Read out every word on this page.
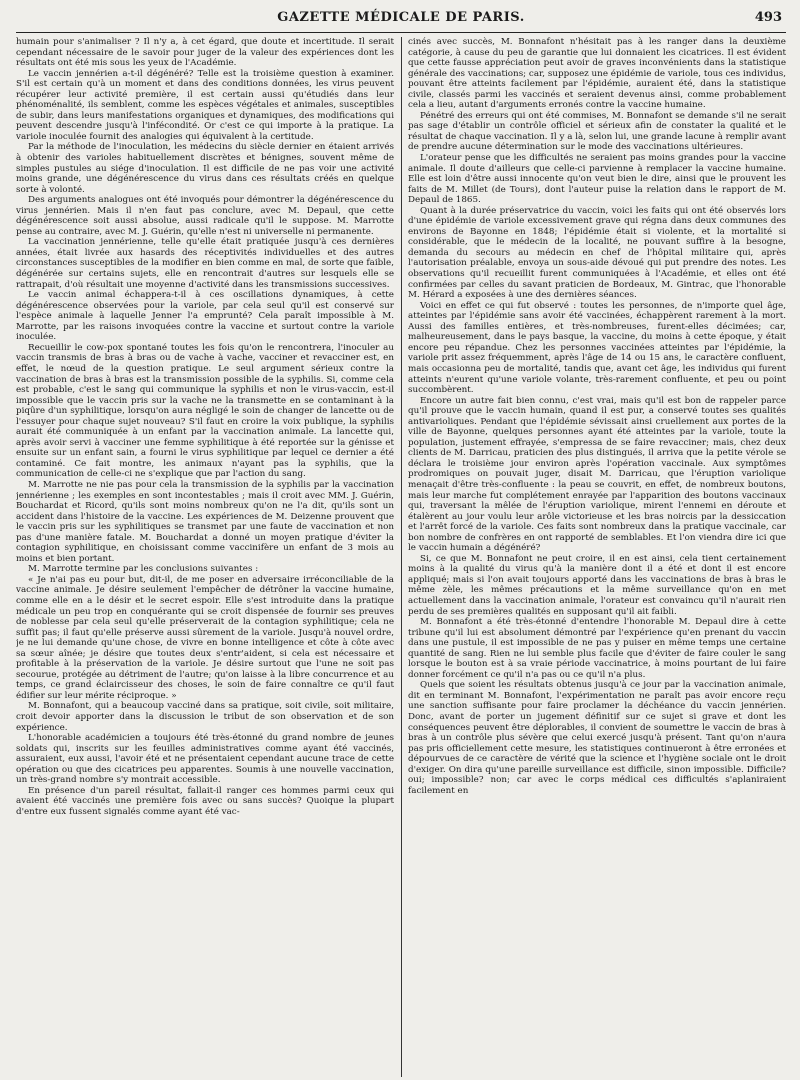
GAZETTE MÉDICALE DE PARIS.	493

humain pour s'animaliser ? Il n'y a, à cet égard, que doute et incertitude. Il serait cependant nécessaire de le savoir pour juger de la valeur des expériences dont les résultats ont été mis sous les yeux de l'Académie.

Le vaccin jennérien a-t-il dégénéré? Telle est la troisième question à examiner. S'il est certain qu'à un moment et dans des conditions données, les virus peuvent récupérer leur activité première, il est certain aussi qu'étudiés dans leur phénoménalité, ils semblent, comme les espèces végétales et animales, susceptibles de subir, dans leurs manifestations organiques et dynamiques, des modifications qui peuvent descendre jusqu'à l'infécondité. Or c'est ce qui importe à la pratique. La variole inoculée fournit des analogies qui équivalent à la certitude.

Par la méthode de l'inoculation, les médecins du siècle dernier en étaient arrivés à obtenir des varioles habituellement discrètes et bénignes, souvent même de simples pustules au siége d'inoculation. Il est difficile de ne pas voir une activité moins grande, une dégénérescence du virus dans ces résultats créés en quelque sorte à volonté.

Des arguments analogues ont été invoqués pour démontrer la dégénérescence du virus jennérien. Mais il n'en faut pas conclure, avec M. Depaul, que cette dégénérescence soit aussi absolue, aussi radicale qu'il le suppose. M. Marrotte pense au contraire, avec M. J. Guérin, qu'elle n'est ni universelle ni permanente.

La vaccination jennérienne, telle qu'elle était pratiquée jusqu'à ces dernières années, était livrée aux hasards des réceptivités individuelles et des autres circonstances susceptibles de la modifier en bien comme en mal, de sorte que faible, dégénérée sur certains sujets, elle en rencontrait d'autres sur lesquels elle se rattrapait, d'où résultait une moyenne d'activité dans les transmissions successives.

Le vaccin animal échappera-t-il à ces oscillations dynamiques, à cette dégénérescence observées pour la variole, par cela seul qu'il est conservé sur l'espèce animale à laquelle Jenner l'a emprunté? Cela paraît impossible à M. Marrotte, par les raisons invoquées contre la vaccine et surtout contre la variole inoculée.

Recueillir le cow-pox spontané toutes les fois qu'on le rencontrera, l'inoculer au vaccin transmis de bras à bras ou de vache à vache, vacciner et revacciner est, en effet, le nœud de la question pratique. Le seul argument sérieux contre la vaccination de bras à bras est la transmission possible de la syphilis. Si, comme cela est probable, c'est le sang qui communique la syphilis et non le virus-vaccin, est-il impossible que le vaccin pris sur la vache ne la transmette en se contaminant à la piqûre d'un syphilitique, lorsqu'on aura négligé le soin de changer de lancette ou de l'essuyer pour chaque sujet nouveau? S'il faut en croire la voix publique, la syphilis aurait été communiquée à un enfant par la vaccination animale. La lancette qui, après avoir servi à vacciner une femme syphilitique à été reportée sur la génisse et ensuite sur un enfant sain, a fourni le virus syphilitique par lequel ce dernier a été contaminé. Ce fait montre, les animaux n'ayant pas la syphilis, que la communication de celle-ci ne s'explique que par l'action du sang.

M. Marrotte ne nie pas pour cela la transmission de la syphilis par la vaccination jennérienne ; les exemples en sont incontestables ; mais il croit avec MM. J. Guérin, Bouchardat et Ricord, qu'ils sont moins nombreux qu'on ne l'a dit, qu'ils sont un accident dans l'histoire de la vaccine. Les expériences de M. Deizenne prouvent que le vaccin pris sur les syphilitiques se transmet par une faute de vaccination et non pas d'une manière fatale. M. Bouchardat a donné un moyen pratique d'éviter la contagion syphilitique, en choisissant comme vaccinifère un enfant de 3 mois au moins et bien portant.

M. Marrotte termine par les conclusions suivantes :

« Je n'ai pas eu pour but, dit-il, de me poser en adversaire irréconciliable de la vaccine animale. Je désire seulement l'empêcher de détrôner la vaccine humaine, comme elle en a le désir et le secret espoir. Elle s'est introduite dans la pratique médicale un peu trop en conquérante qui se croit dispensée de fournir ses preuves de noblesse par cela seul qu'elle préserverait de la contagion syphilitique; cela ne suffit pas; il faut qu'elle préserve aussi sûrement de la variole. Jusqu'à nouvel ordre, je ne lui demande qu'une chose, de vivre en bonne intelligence et côte à côte avec sa sœur aînée; je désire que toutes deux s'entr'aident, si cela est nécessaire et profitable à la préservation de la variole. Je désire surtout que l'une ne soit pas secourue, protégée au détriment de l'autre; qu'on laisse à la libre concurrence et au temps, ce grand éclaircisseur des choses, le soin de faire connaître ce qu'il faut édifier sur leur mérite réciproque. »

M. Bonnafont, qui a beaucoup vacciné dans sa pratique, soit civile, soit militaire, croit devoir apporter dans la discussion le tribut de son observation et de son expérience.

L'honorable académicien a toujours été très-étonné du grand nombre de jeunes soldats qui, inscrits sur les feuilles administratives comme ayant été vaccinés, assuraient, eux aussi, l'avoir été et ne présentaient cependant aucune trace de cette opération ou que des cicatrices peu apparentes. Soumis à une nouvelle vaccination, un très-grand nombre s'y montrait accessible.

En présence d'un pareil résultat, fallait-il ranger ces hommes parmi ceux qui avaient été vaccinés une première fois avec ou sans succès? Quoique la plupart d'entre eux fussent signalés comme ayant été vac-

cinés avec succès, M. Bonnafont n'hésitait pas à les ranger dans la deuxième catégorie, à cause du peu de garantie que lui donnaient les cicatrices. Il est évident que cette fausse appréciation peut avoir de graves inconvénients dans la statistique générale des vaccinations; car, supposez une épidémie de variole, tous ces individus, pouvant être atteints facilement par l'épidémie, auraient été, dans la statistique civile, classés parmi les vaccinés et seraient devenus ainsi, comme probablement cela a lieu, autant d'arguments erronés contre la vaccine humaine.

Pénétré des erreurs qui ont été commises, M. Bonnafont se demande s'il ne serait pas sage d'établir un contrôle officiel et sérieux afin de constater la qualité et le résultat de chaque vaccination. Il y a là, selon lui, une grande lacune à remplir avant de prendre aucune détermination sur le mode des vaccinations ultérieures.

L'orateur pense que les difficultés ne seraient pas moins grandes pour la vaccine animale. Il doute d'ailleurs que celle-ci parvienne à remplacer la vaccine humaine. Elle est loin d'être aussi innocente qu'on veut bien le dire, ainsi que le prouvent les faits de M. Millet (de Tours), dont l'auteur puise la relation dans le rapport de M. Depaul de 1865.

Quant à la durée préservatrice du vaccin, voici les faits qui ont été observés lors d'une épidémie de variole excessivement grave qui régna dans deux communes des environs de Bayonne en 1848; l'épidémie était si violente, et la mortalité si considérable, que le médecin de la localité, ne pouvant suffire à la besogne, demanda du secours au médecin en chef de l'hôpital militaire qui, après l'autorisation préalable, envoya un sous-aide dévoué qui put prendre des notes. Les observations qu'il recueillit furent communiquées à l'Académie, et elles ont été confirmées par celles du savant praticien de Bordeaux, M. Gintrac, que l'honorable M. Hérard a exposées à une des dernières séances.

Voici en effet ce qui fut observé : toutes les personnes, de n'importe quel âge, atteintes par l'épidémie sans avoir été vaccinées, échappèrent rarement à la mort. Aussi des familles entières, et très-nombreuses, furent-elles décimées; car, malheureusement, dans le pays basque, la vaccine, du moins à cette époque, y était encore peu répandue. Chez les personnes vaccinées atteintes par l'épidémie, la variole prit assez fréquemment, après l'âge de 14 ou 15 ans, le caractère confluent, mais occasionna peu de mortalité, tandis que, avant cet âge, les individus qui furent atteints n'eurent qu'une variole volante, très-rarement confluente, et peu ou point succombèrent.

Encore un autre fait bien connu, c'est vrai, mais qu'il est bon de rappeler parce qu'il prouve que le vaccin humain, quand il est pur, a conservé toutes ses qualités antivarioliques. Pendant que l'épidémie sévissait ainsi cruellement aux portes de la ville de Bayonne, quelques personnes ayant été atteintes par la variole, toute la population, justement effrayée, s'empressa de se faire revacciner; mais, chez deux clients de M. Darricau, praticien des plus distingués, il arriva que la petite vérole se déclara le troisième jour environ après l'opération vaccinale. Aux symptômes prodromiques on pouvait juger, disait M. Darricau, que l'éruption variolique menaçait d'être très-confluente : la peau se couvrit, en effet, de nombreux boutons, mais leur marche fut complétement enrayée par l'apparition des boutons vaccinaux qui, traversant la mêlée de l'éruption variolique, mirent l'ennemi en déroute et étalèrent au jour voulu leur arôle victorieuse et les bras noircis par la dessiccation et l'arrêt forcé de la variole. Ces faits sont nombreux dans la pratique vaccinale, car bon nombre de confrères en ont rapporté de semblables. Et l'on viendra dire ici que le vaccin humain a dégénéré?

Si, ce que M. Bonnafont ne peut croire, il en est ainsi, cela tient certainement moins à la qualité du virus qu'à la manière dont il a été et dont il est encore appliqué; mais si l'on avait toujours apporté dans les vaccinations de bras à bras le même zèle, les mêmes précautions et la même surveillance qu'on en met actuellement dans la vaccination animale, l'orateur est convaincu qu'il n'aurait rien perdu de ses premières qualités en supposant qu'il ait faibli.

M. Bonnafont a été très-étonné d'entendre l'honorable M. Depaul dire à cette tribune qu'il lui est absolument démontré par l'expérience qu'en prenant du vaccin dans une pustule, il est impossible de ne pas y puiser en même temps une certaine quantité de sang. Rien ne lui semble plus facile que d'éviter de faire couler le sang lorsque le bouton est à sa vraie période vaccinatrice, à moins pourtant de lui faire donner forcément ce qu'il n'a pas ou ce qu'il n'a plus.

Quels que soient les résultats obtenus jusqu'à ce jour par la vaccination animale, dit en terminant M. Bonnafont, l'expérimentation ne paraît pas avoir encore reçu une sanction suffisante pour faire proclamer la déchéance du vaccin jennérien. Donc, avant de porter un jugement définitif sur ce sujet si grave et dont les conséquences peuvent être déplorables, il convient de soumettre le vaccin de bras à bras à un contrôle plus sévère que celui exercé jusqu'à présent. Tant qu'on n'aura pas pris officiellement cette mesure, les statistiques continueront à être erronées et dépourvues de ce caractère de vérité que la science et l'hygiène sociale ont le droit d'exiger. On dira qu'une pareille surveillance est difficile, sinon impossible. Difficile? oui; impossible? non; car avec le corps médical ces difficultés s'aplaniraient facilement en
